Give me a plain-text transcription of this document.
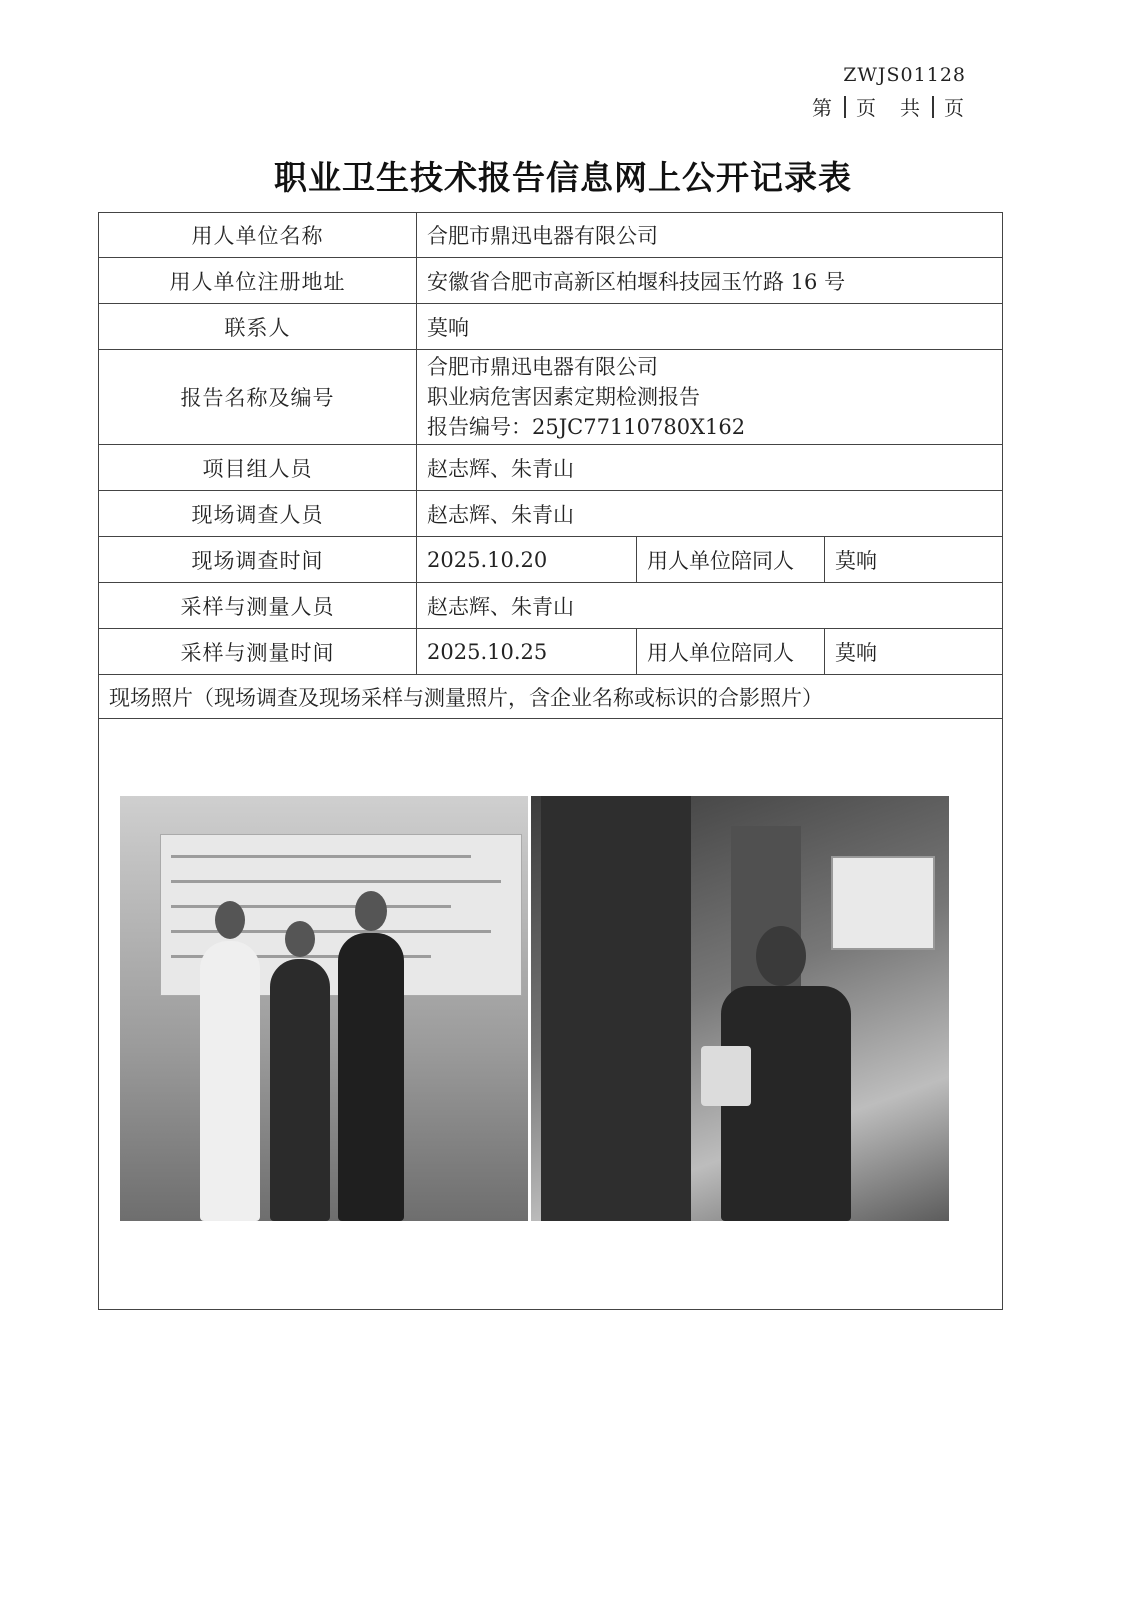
ZWJS01128
第 页　共 页
职业卫生技术报告信息网上公开记录表
用人单位名称	合肥市鼎迅电器有限公司		
用人单位注册地址	安徽省合肥市高新区柏堰科技园玉竹路 16 号		
联系人	莫响		
报告名称及编号	合肥市鼎迅电器有限公司
职业病危害因素定期检测报告
报告编号：25JC77110780X162		

项目组人员	赵志辉、朱青山		
现场调查人员	赵志辉、朱青山		
现场调查时间	2025.10.20	用人单位陪同人	莫响
采样与测量人员	赵志辉、朱青山		
采样与测量时间	2025.10.25	用人单位陪同人	莫响
现场照片（现场调查及现场采样与测量照片，含企业名称或标识的合影照片）			
